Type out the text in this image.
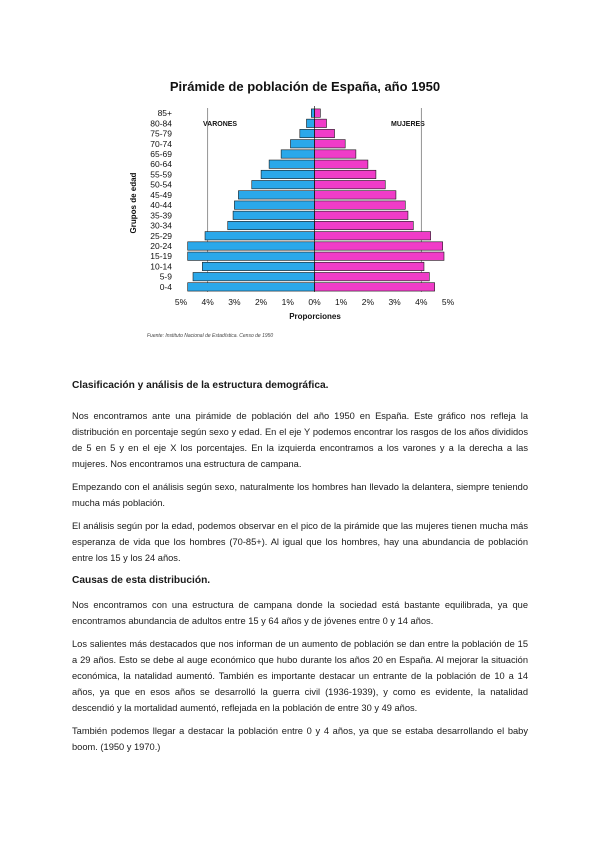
Pirámide de población de España, año 1950
Grupos de edad
Proporciones
VARONES	MUJERES
Fuente: Instituto Nacional de Estadística. Censo de 1950
0-4
5-9
10-14
15-19
20-24
25-29
30-34
35-39
40-44
45-49
50-54
55-59
60-64
65-69
70-74
75-79
80-84
85+
5% 4% 3% 2% 1% 0% 1% 2% 3% 4% 5%

Clasificación y análisis de la estructura demográfica.

Nos encontramos ante una pirámide de población del año 1950 en España. Este gráfico nos refleja la distribución en porcentaje según sexo y edad. En el eje Y podemos encontrar los rasgos de los años divididos de 5 en 5 y en el eje X los porcentajes. En la izquierda encontramos a los varones y a la derecha a las mujeres. Nos encontramos una estructura de campana.

Empezando con el análisis según sexo, naturalmente los hombres han llevado la delantera, siempre teniendo mucha más población.

El análisis según por la edad, podemos observar en el pico de la pirámide que las mujeres tienen mucha más esperanza de vida que los hombres (70-85+). Al igual que los hombres, hay una abundancia de población entre los 15 y los 24 años.

Causas de esta distribución.

Nos encontramos con una estructura de campana donde la sociedad está bastante equilibrada, ya que encontramos abundancia de adultos entre 15 y 64 años y de jóvenes entre 0 y 14 años.

Los salientes más destacados que nos informan de un aumento de población se dan entre la población de 15 a 29 años. Esto se debe al auge económico que hubo durante los años 20 en España. Al mejorar la situación económica, la natalidad aumentó. También es importante destacar un entrante de la población de 10 a 14 años, ya que en esos años se desarrolló la guerra civil (1936-1939), y como es evidente, la natalidad descendió y la mortalidad aumentó, reflejada en la población de entre 30 y 49 años.

También podemos llegar a destacar la población entre 0 y 4 años, ya que se estaba desarrollando el baby boom. (1950 y 1970.)
